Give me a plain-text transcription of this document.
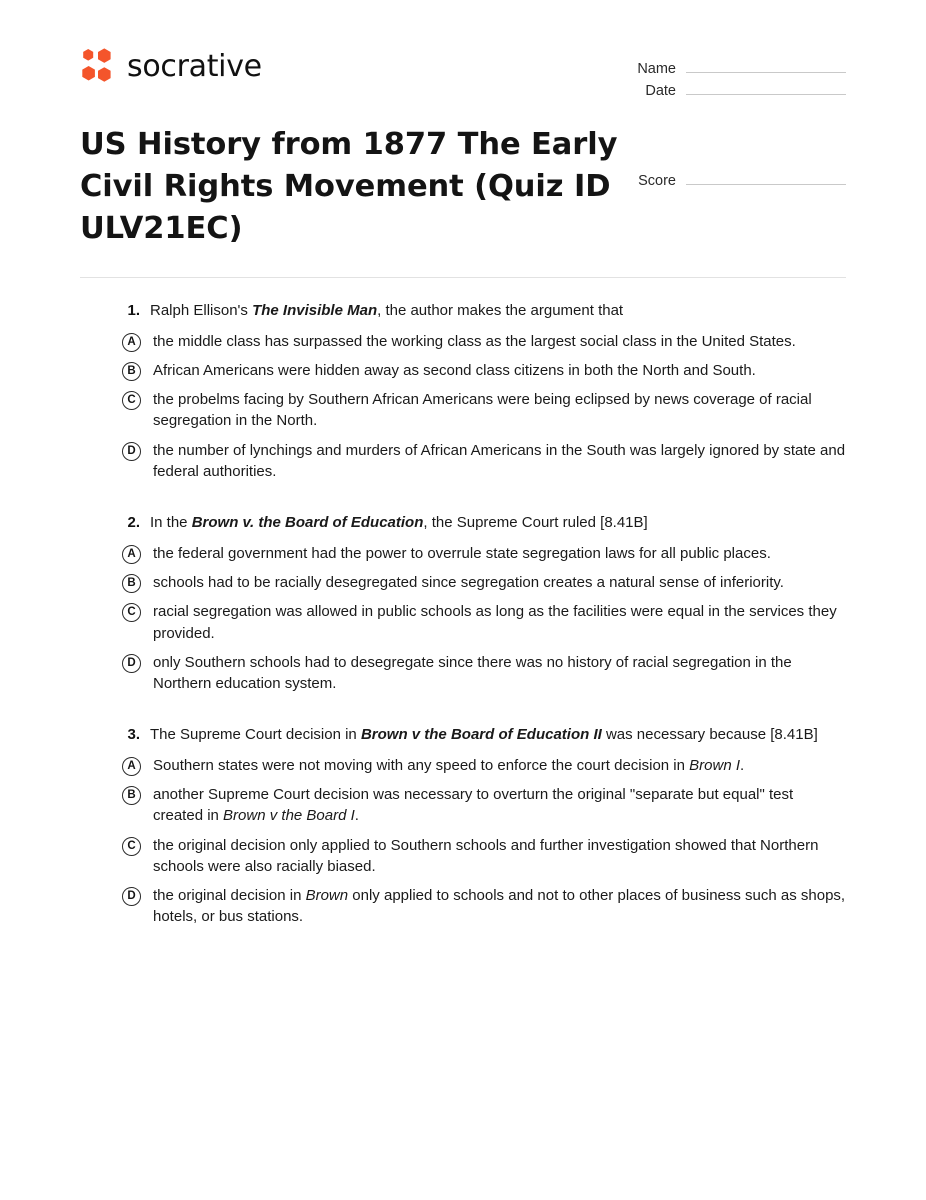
socrative	Name
Date
US History from 1877 The Early Civil Rights Movement (Quiz ID ULV21EC)
Score
1. Ralph Ellison's The Invisible Man, the author makes the argument that
A	the middle class has surpassed the working class as the largest social class in the United States.
B	African Americans were hidden away as second class citizens in both the North and South.
C	the probelms facing by Southern African Americans were being eclipsed by news coverage of racial segregation in the North.
D	the number of lynchings and murders of African Americans in the South was largely ignored by state and federal authorities.
2. In the Brown v. the Board of Education, the Supreme Court ruled [8.41B]
A	the federal government had the power to overrule state segregation laws for all public places.
B	schools had to be racially desegregated since segregation creates a natural sense of inferiority.
C	racial segregation was allowed in public schools as long as the facilities were equal in the services they provided.
D	only Southern schools had to desegregate since there was no history of racial segregation in the Northern education system.
3. The Supreme Court decision in Brown v the Board of Education II was necessary because [8.41B]
A	Southern states were not moving with any speed to enforce the court decision in Brown I.
B	another Supreme Court decision was necessary to overturn the original "separate but equal" test created in Brown v the Board I.
C	the original decision only applied to Southern schools and further investigation showed that Northern schools were also racially biased.
D	the original decision in Brown only applied to schools and not to other places of business such as shops, hotels, or bus stations.
